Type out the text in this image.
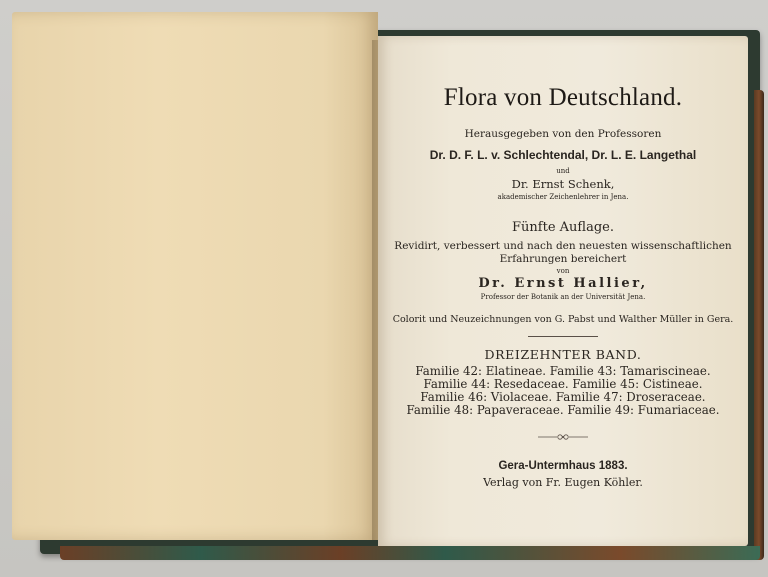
Flora von Deutschland.
Herausgegeben von den Professoren
Dr. D. F. L. v. Schlechtendal, Dr. L. E. Langethal
und
Dr. Ernst Schenk,
akademischer Zeichenlehrer in Jena.
Fünfte Auflage.
Revidirt, verbessert und nach den neuesten wissenschaftlichen
Erfahrungen bereichert
von
Dr. Ernst Hallier,
Professor der Botanik an der Universität Jena.
Colorit und Neuzeichnungen von G. Pabst und Walther Müller in Gera.
DREIZEHNTER BAND.
Familie 42: Elatineae. Familie 43: Tamariscineae.
Familie 44: Resedaceae. Familie 45: Cistineae.
Familie 46: Violaceae. Familie 47: Droseraceae.
Familie 48: Papaveraceae. Familie 49: Fumariaceae.
Gera-Untermhaus 1883.
Verlag von Fr. Eugen Köhler.
